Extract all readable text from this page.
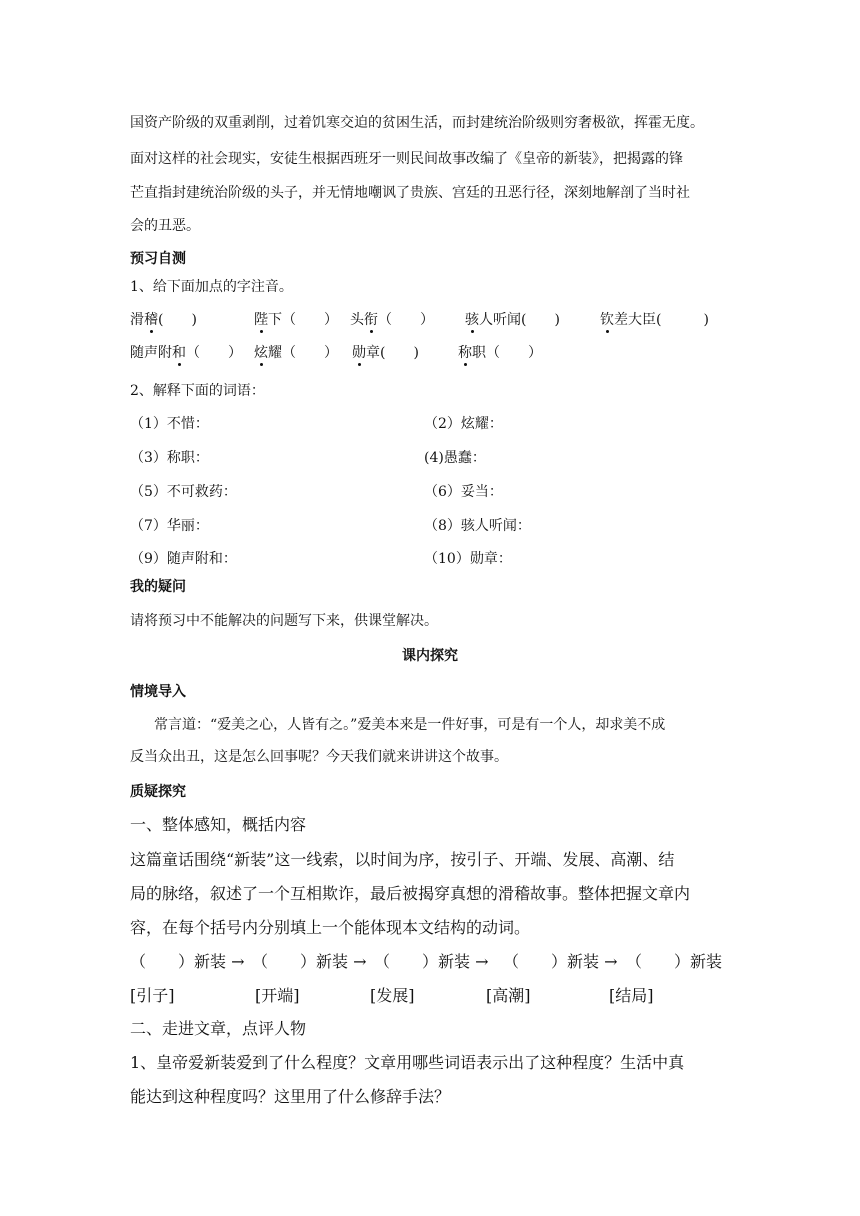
国资产阶级的双重剥削，过着饥寒交迫的贫困生活，而封建统治阶级则穷奢极欲，挥霍无度。
面对这样的社会现实，安徒生根据西班牙一则民间故事改编了《皇帝的新装》，把揭露的锋
芒直指封建统治阶级的头子，并无情地嘲讽了贵族、宫廷的丑恶行径，深刻地解剖了当时社
会的丑恶。
预习自测
1、给下面加点的字注音。
滑稽(　　)	陛下（　　） 头衔（　　） 骇人听闻(　　)	钦差大臣(　　　)
随声附和（　　） 炫耀（　　） 勋章(　　)	称职（　　）
2、解释下面的词语：
（1）不惜：	（2）炫耀：
（3）称职：	(4)愚蠢：
（5）不可救药：	（6）妥当：
（7）华丽：	（8）骇人听闻：
（9）随声附和：	（10）勋章：
我的疑问
请将预习中不能解决的问题写下来，供课堂解决。
课内探究
情境导入
常言道：“爱美之心，人皆有之。”爱美本来是一件好事，可是有一个人，却求美不成
反当众出丑，这是怎么回事呢？今天我们就来讲讲这个故事。
质疑探究
一、整体感知，概括内容
这篇童话围绕“新装”这一线索，以时间为序，按引子、开端、发展、高潮、结
局的脉络，叙述了一个互相欺诈，最后被揭穿真想的滑稽故事。整体把握文章内
容，在每个括号内分别填上一个能体现本文结构的动词。
（　　）新装 → （　　）新装 → （　　）新装 → （　　）新装 → （　　）新装
[引子]	[开端]	[发展]	[高潮]	[结局]
二、走进文章，点评人物
1、皇帝爱新装爱到了什么程度？文章用哪些词语表示出了这种程度？生活中真
能达到这种程度吗？这里用了什么修辞手法？
